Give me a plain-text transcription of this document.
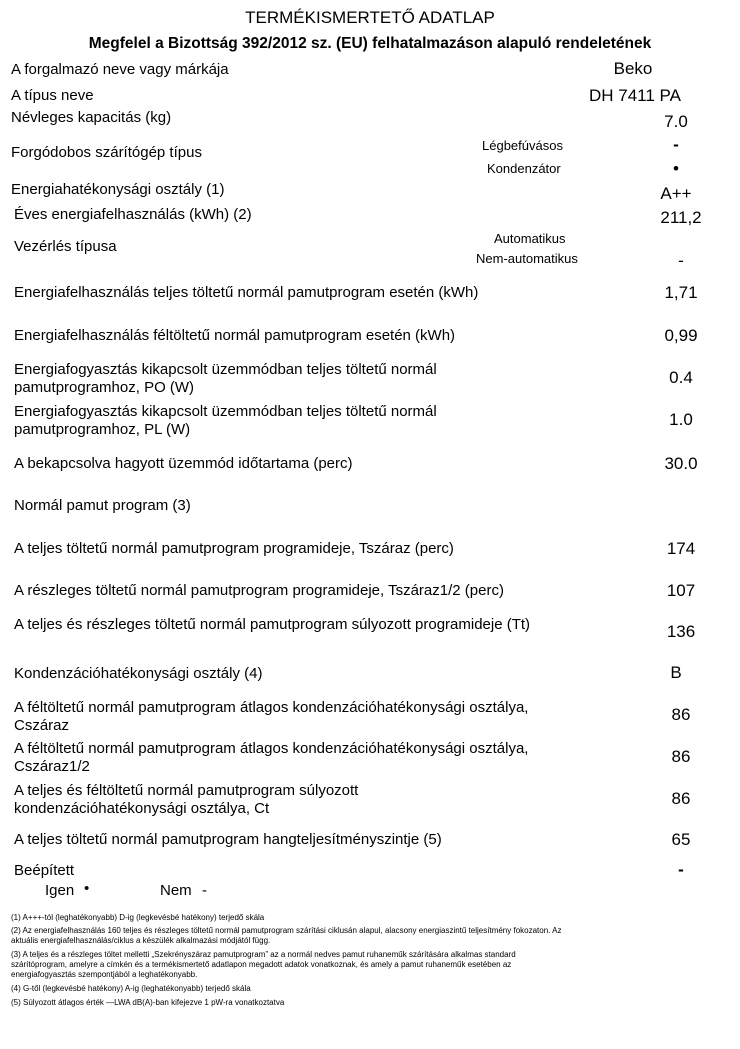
TERMÉKISMERTETŐ ADATLAP
Megfelel a Bizottság 392/2012 sz. (EU) felhatalmazáson alapuló rendeletének
A forgalmazó neve vagy márkája	Beko
A típus neve	DH 7411 PA
Névleges kapacitás (kg)	7.0
Forgódobos szárítógép típus	Légbefúvásos	-
Kondenzátor	•
Energiahatékonysági osztály (1)	A++
Éves energiafelhasználás (kWh) (2)	211,2
Vezérlés típusa	Automatikus
Nem-automatikus	-
Energiafelhasználás teljes töltetű normál pamutprogram esetén (kWh)	1,71
Energiafelhasználás féltöltetű normál pamutprogram esetén (kWh)	0,99
Energiafogyasztás kikapcsolt üzemmódban teljes töltetű normál pamutprogramhoz, PO (W)
0.4
Energiafogyasztás kikapcsolt üzemmódban teljes töltetű normál pamutprogramhoz, PL (W)
1.0
A bekapcsolva hagyott üzemmód időtartama (perc)	30.0
Normál pamut program (3)
A teljes töltetű normál pamutprogram programideje, Tszáraz (perc)	174
A részleges töltetű normál pamutprogram programideje, Tszáraz1/2 (perc)	107
A teljes és részleges töltetű normál pamutprogram súlyozott programideje (Tt)	136
Kondenzációhatékonysági osztály (4)	B
A féltöltetű normál pamutprogram átlagos kondenzációhatékonysági osztálya, Cszáraz
86
A féltöltetű normál pamutprogram átlagos kondenzációhatékonysági osztálya, Cszáraz1/2
86
A teljes és féltöltetű normál pamutprogram súlyozott kondenzációhatékonysági osztálya, Ct
86
A teljes töltetű normál pamutprogram hangteljesítményszintje (5)	65
Beépített	-
Igen •	Nem -
(1) A+++-tól (leghatékonyabb) D-ig (legkevésbé hatékony) terjedő skála
(2) Az energiafelhasználás 160 teljes és részleges töltetű normál pamutprogram szárítási ciklusán alapul, alacsony energiaszintű teljesítmény fokozaton. Az aktuális energiafelhasználás/ciklus a készülék alkalmazási módjától függ.
(3) A teljes és a részleges töltet melletti „Szekrényszáraz pamutprogram” az a normál nedves pamut ruhaneműk szárítására alkalmas standard szárítóprogram, amelyre a címkén és a termékismertető adatlapon megadott adatok vonatkoznak, és amely a pamut ruhaneműk esetében az energiafogyasztás szempontjából a leghatékonyabb.
(4) G-től (legkevésbé hatékony) A-ig (leghatékonyabb) terjedő skála
(5) Súlyozott átlagos érték —LWA dB(A)-ban kifejezve 1 pW-ra vonatkoztatva
